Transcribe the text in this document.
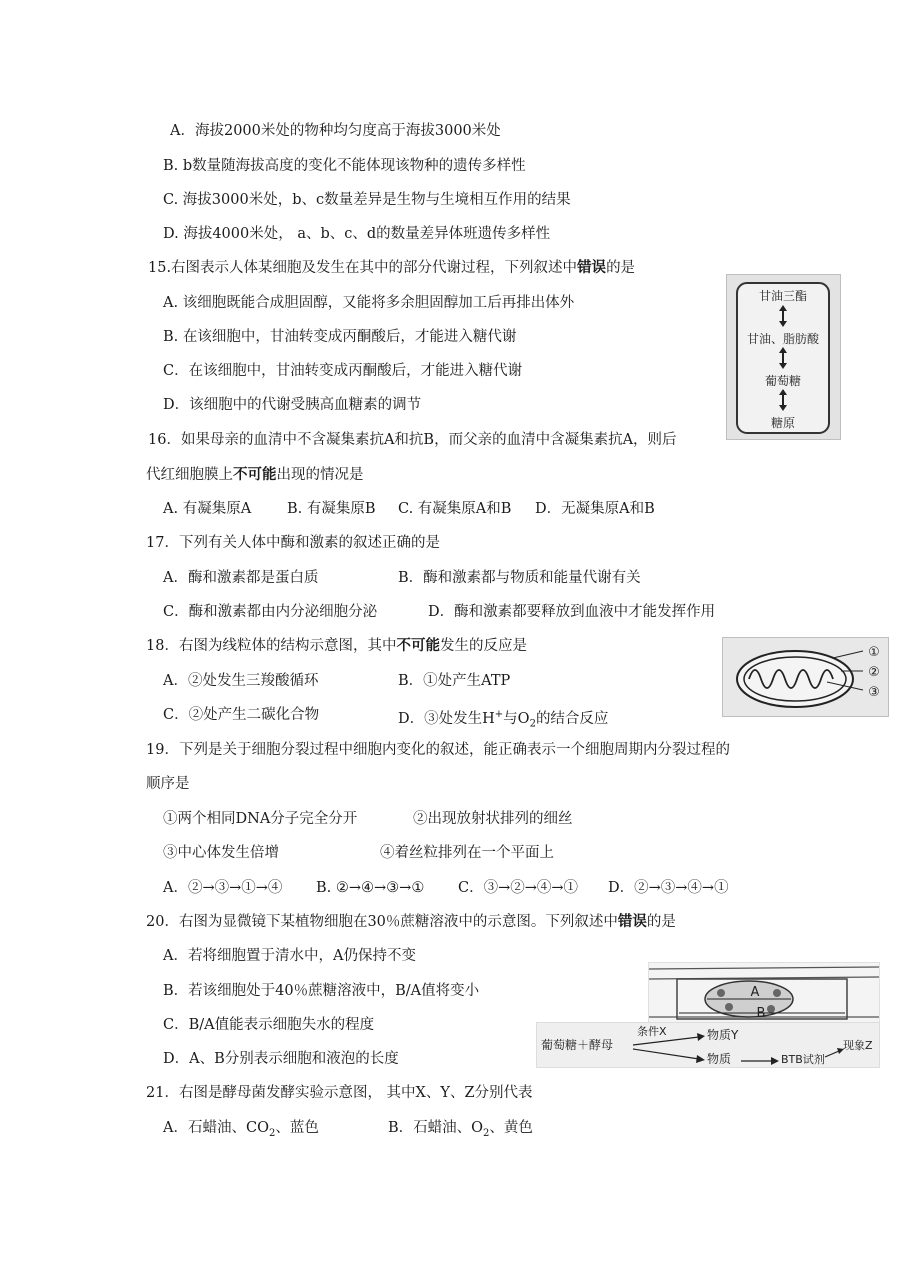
A．海拔2000米处的物种均匀度高于海拔3000米处
B. b数量随海拔高度的变化不能体现该物种的遗传多样性
C. 海拔3000米处，b、c数量差异是生物与生境相互作用的结果
D. 海拔4000米处， a、b、c、d的数量差异体班遗传多样性
15.右图表示人体某细胞及发生在其中的部分代谢过程，下列叙述中错误的是
A. 该细胞既能合成胆固醇，又能将多余胆固醇加工后再排出体外
B. 在该细胞中，甘油转变成丙酮酸后，才能进入糖代谢
C．在该细胞中，甘油转变成丙酮酸后，才能进入糖代谢
D．该细胞中的代谢受胰高血糖素的调节
甘油三酯
甘油、脂肪酸
葡萄糖
糖原
16．如果母亲的血清中不含凝集素抗A和抗B，而父亲的血清中含凝集素抗A，则后
代红细胞膜上不可能出现的情况是
A. 有凝集原A B. 有凝集原B C. 有凝集原A和B D．无凝集原A和B
17．下列有关人体中酶和激素的叙述正确的是
A．酶和激素都是蛋白质	B．酶和激素都与物质和能量代谢有关
C．酶和激素都由内分泌细胞分泌	D．酶和激素都要释放到血液中才能发挥作用
18．右图为线粒体的结构示意图，其中不可能发生的反应是
A．②处发生三羧酸循环	B．①处产生ATP
C．②处产生二碳化合物	D．③处发生H+与$O_2$的结合反应
①
②
③
19．下列是关于细胞分裂过程中细胞内变化的叙述，能正确表示一个细胞周期内分裂过程的
顺序是
①两个相同DNA分子完全分开	②出现放射状排列的细丝
③中心体发生倍增	④着丝粒排列在一个平面上
A．②→③→①→④ B. ②→④→③→① C．③→②→④→① D．②→③→④→①
20．右图为显微镜下某植物细胞在30％蔗糖溶液中的示意图。下列叙述中错误的是
A．若将细胞置于清水中，A仍保持不变
B．若该细胞处于40％蔗糖溶液中，B/A值将变小
C．B/A值能表示细胞失水的程度
D．A、B分别表示细胞和液泡的长度
A
B
葡萄糖＋酵母
条件X	物质Y
物质	BTB试剂
现象Z
21．右图是酵母菌发酵实验示意图， 其中X、Y、Z分别代表
A．石蜡油、$CO_2$、蓝色	B．石蜡油、$O_2$、黄色
